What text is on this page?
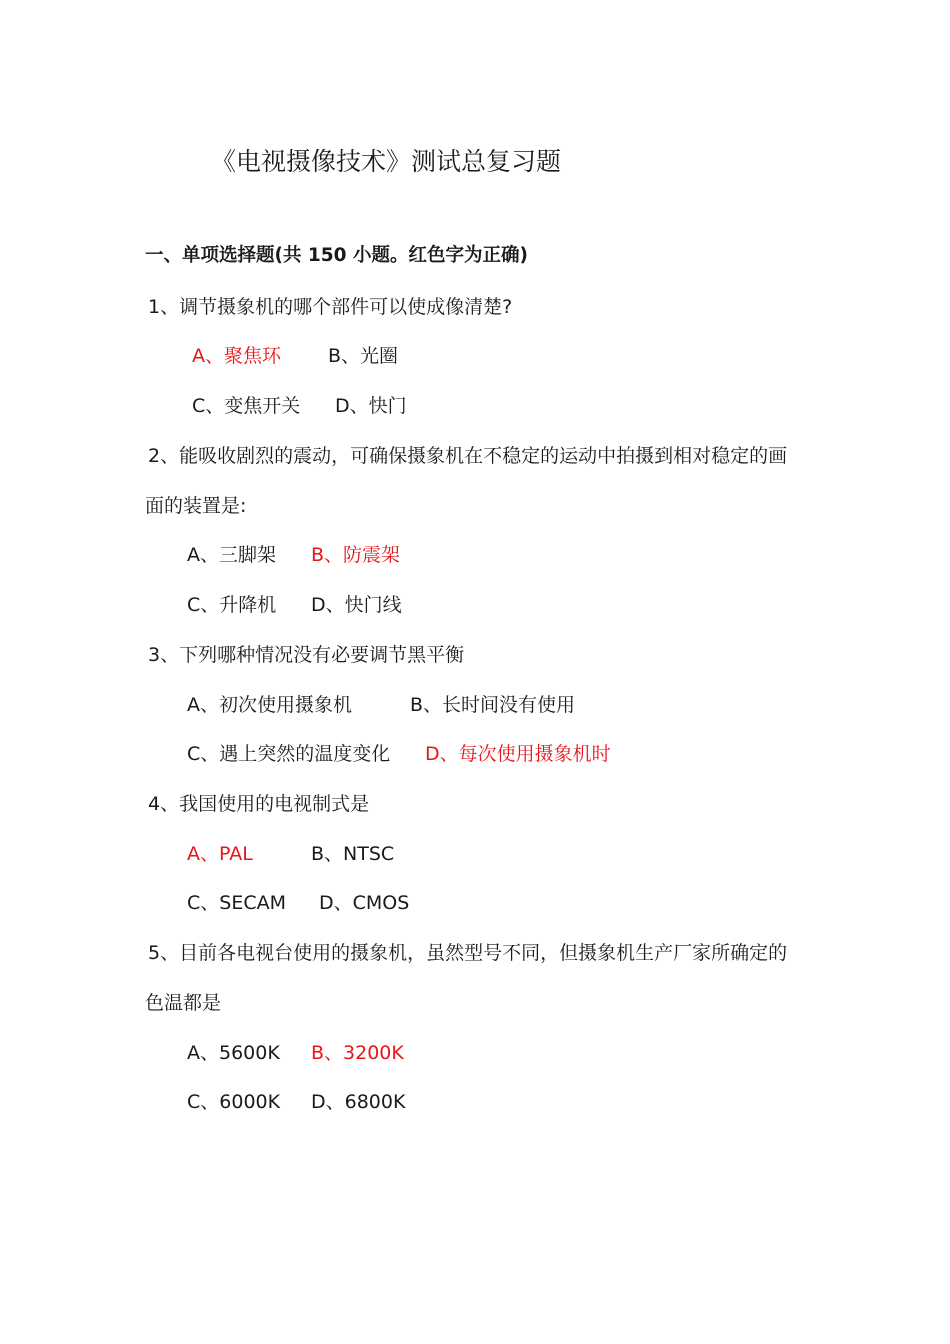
《电视摄像技术》测试总复习题
一、单项选择题(共 150 小题。红色字为正确)
1、调节摄象机的哪个部件可以使成像清楚?
A、聚焦环 B、光圈
C、变焦开关 D、快门
2、能吸收剧烈的震动，可确保摄象机在不稳定的运动中拍摄到相对稳定的画
面的装置是:
A、三脚架 B、防震架
C、升降机 D、快门线
3、下列哪种情况没有必要调节黑平衡
A、初次使用摄象机	B、长时间没有使用
C、遇上突然的温度变化 D、每次使用摄象机时
4、我国使用的电视制式是
A、PAL	B、NTSC
C、SECAM D、CMOS
5、目前各电视台使用的摄象机，虽然型号不同，但摄象机生产厂家所确定的
色温都是
A、5600K B、3200K
C、6000K D、6800K
